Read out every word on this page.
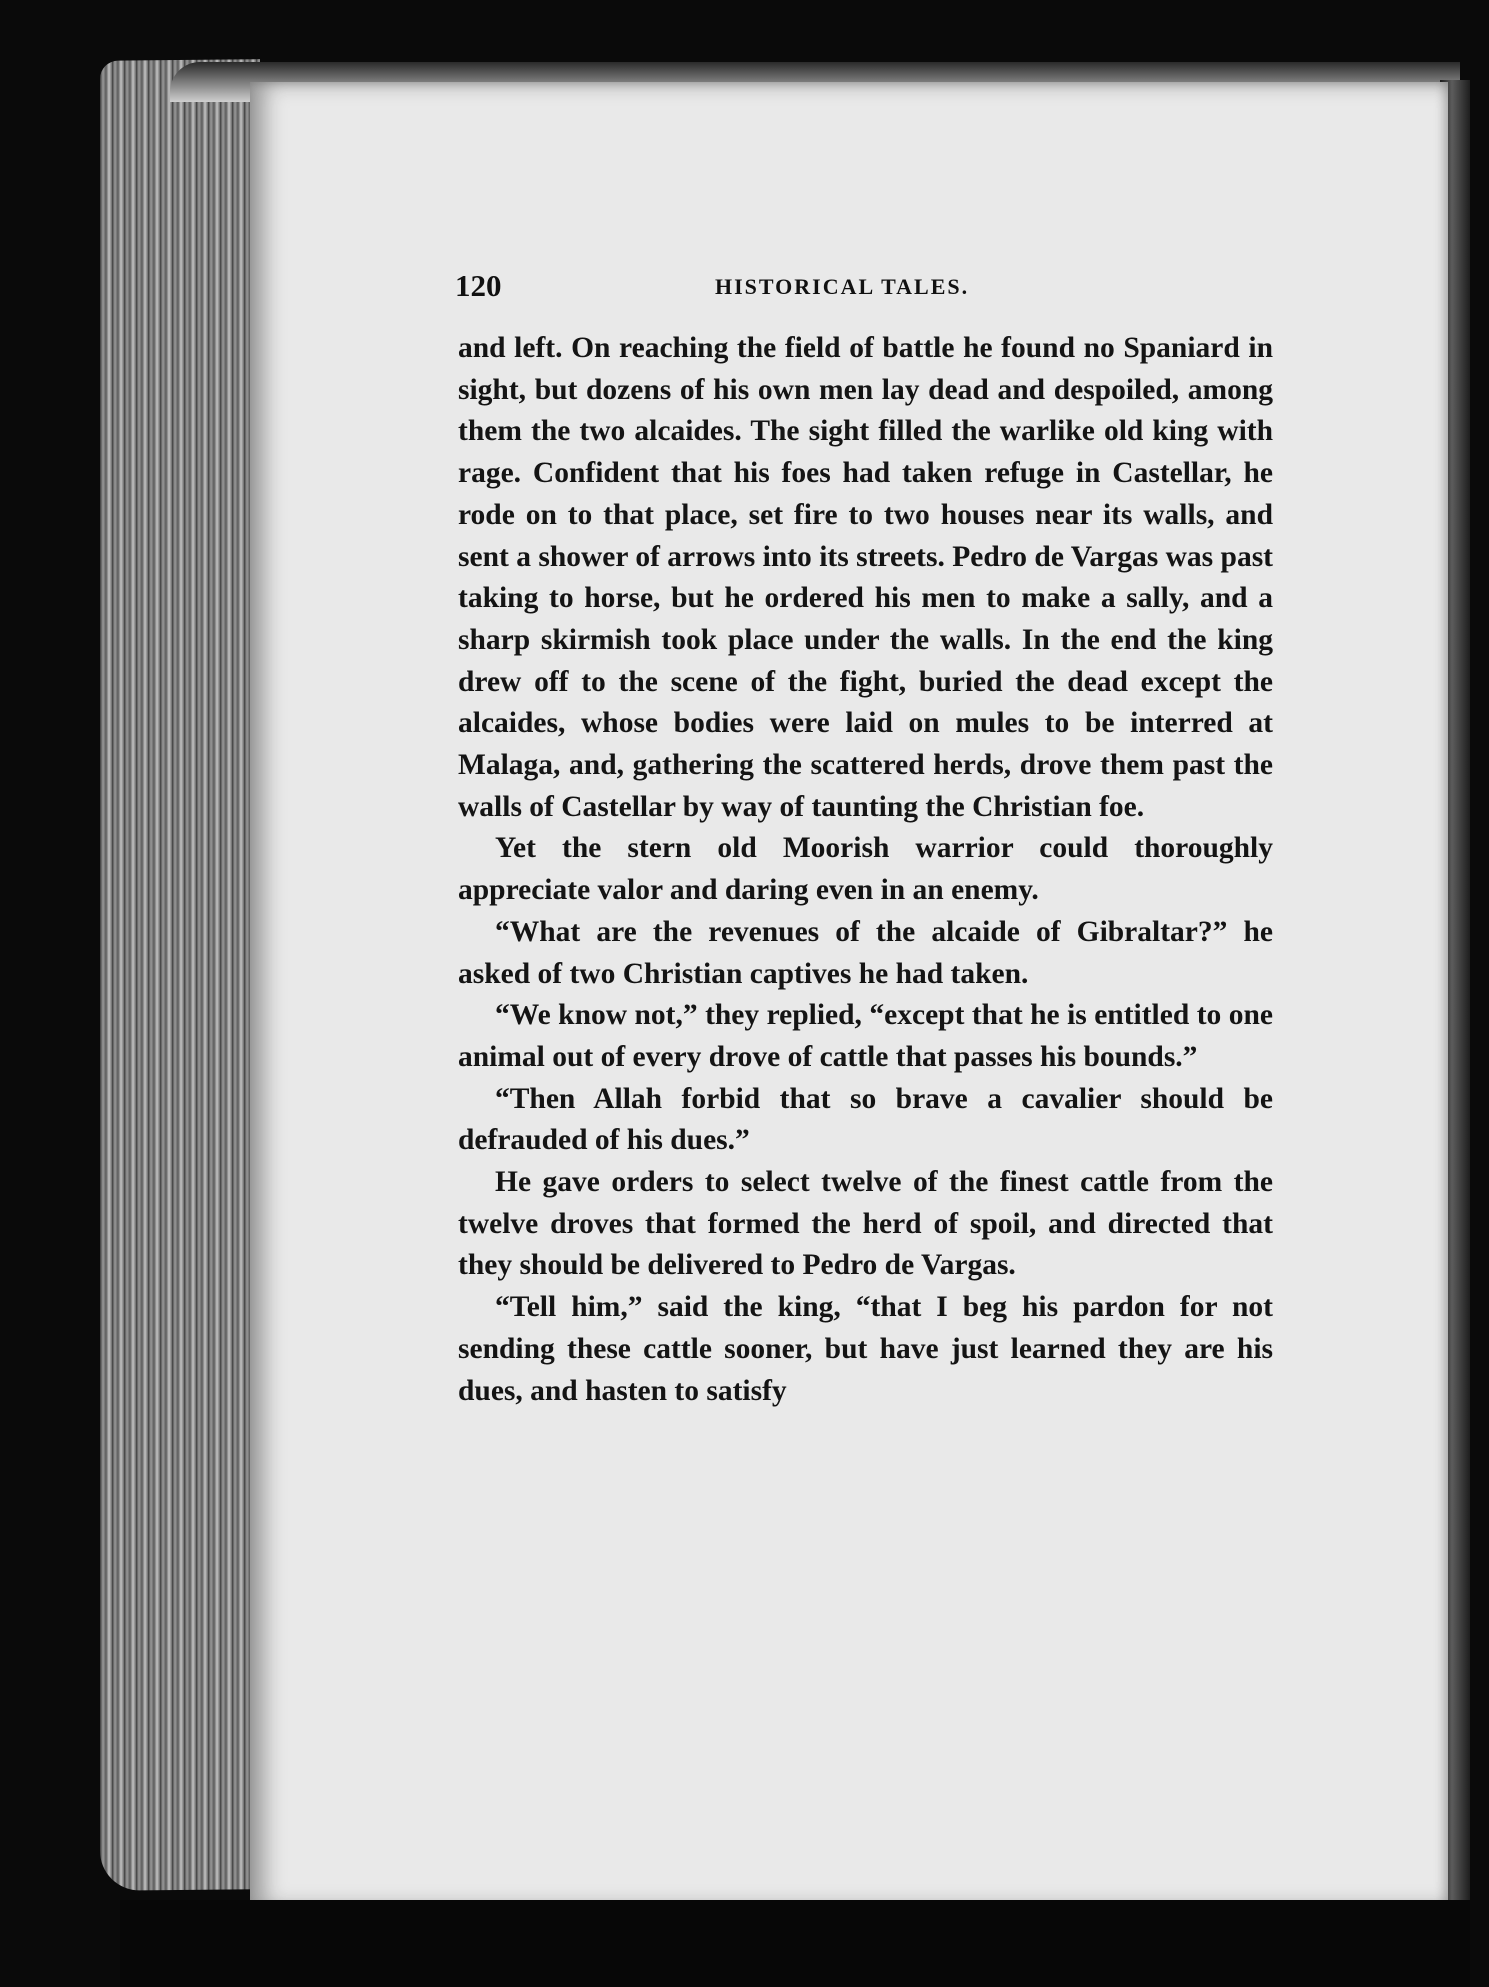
120	HISTORICAL TALES.

and left. On reaching the field of battle he found no Spaniard in sight, but dozens of his own men lay dead and despoiled, among them the two alcaides. The sight filled the warlike old king with rage. Confident that his foes had taken refuge in Castellar, he rode on to that place, set fire to two houses near its walls, and sent a shower of arrows into its streets. Pedro de Vargas was past taking to horse, but he ordered his men to make a sally, and a sharp skirmish took place under the walls. In the end the king drew off to the scene of the fight, buried the dead except the alcaides, whose bodies were laid on mules to be interred at Malaga, and, gathering the scattered herds, drove them past the walls of Castellar by way of taunting the Christian foe.

Yet the stern old Moorish warrior could thoroughly appreciate valor and daring even in an enemy.

“What are the revenues of the alcaide of Gibraltar?” he asked of two Christian captives he had taken.

“We know not,” they replied, “except that he is entitled to one animal out of every drove of cattle that passes his bounds.”

“Then Allah forbid that so brave a cavalier should be defrauded of his dues.”

He gave orders to select twelve of the finest cattle from the twelve droves that formed the herd of spoil, and directed that they should be delivered to Pedro de Vargas.

“Tell him,” said the king, “that I beg his pardon for not sending these cattle sooner, but have just learned they are his dues, and hasten to satisfy
